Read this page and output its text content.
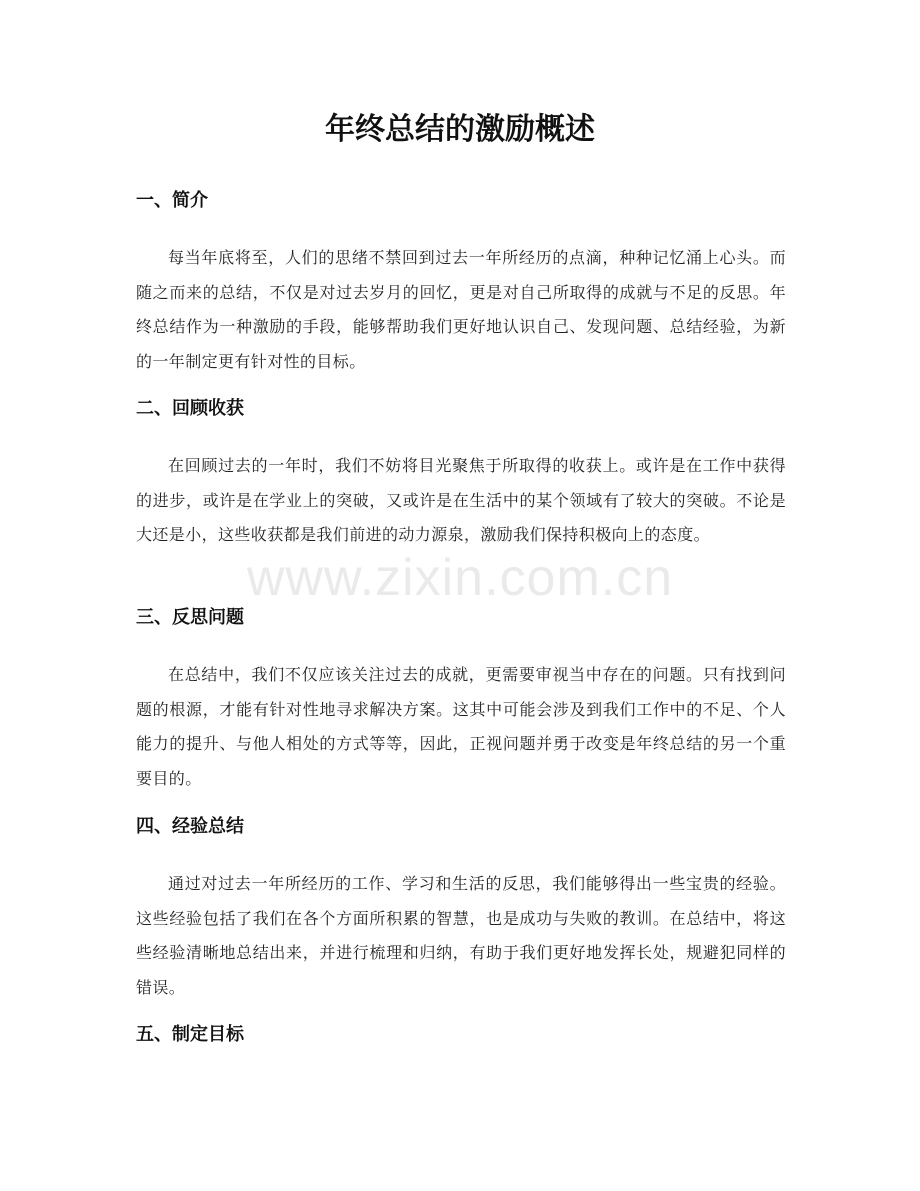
年终总结的激励概述
一、简介

每当年底将至，人们的思绪不禁回到过去一年所经历的点滴，种种记忆涌上心头。而随之而来的总结，不仅是对过去岁月的回忆，更是对自己所取得的成就与不足的反思。年终总结作为一种激励的手段，能够帮助我们更好地认识自己、发现问题、总结经验，为新的一年制定更有针对性的目标。

二、回顾收获

在回顾过去的一年时，我们不妨将目光聚焦于所取得的收获上。或许是在工作中获得的进步，或许是在学业上的突破，又或许是在生活中的某个领域有了较大的突破。不论是大还是小，这些收获都是我们前进的动力源泉，激励我们保持积极向上的态度。

三、反思问题

在总结中，我们不仅应该关注过去的成就，更需要审视当中存在的问题。只有找到问题的根源，才能有针对性地寻求解决方案。这其中可能会涉及到我们工作中的不足、个人能力的提升、与他人相处的方式等等，因此，正视问题并勇于改变是年终总结的另一个重要目的。

四、经验总结

通过对过去一年所经历的工作、学习和生活的反思，我们能够得出一些宝贵的经验。这些经验包括了我们在各个方面所积累的智慧，也是成功与失败的教训。在总结中，将这些经验清晰地总结出来，并进行梳理和归纳，有助于我们更好地发挥长处，规避犯同样的错误。

五、制定目标
www.zixin.com.cn
